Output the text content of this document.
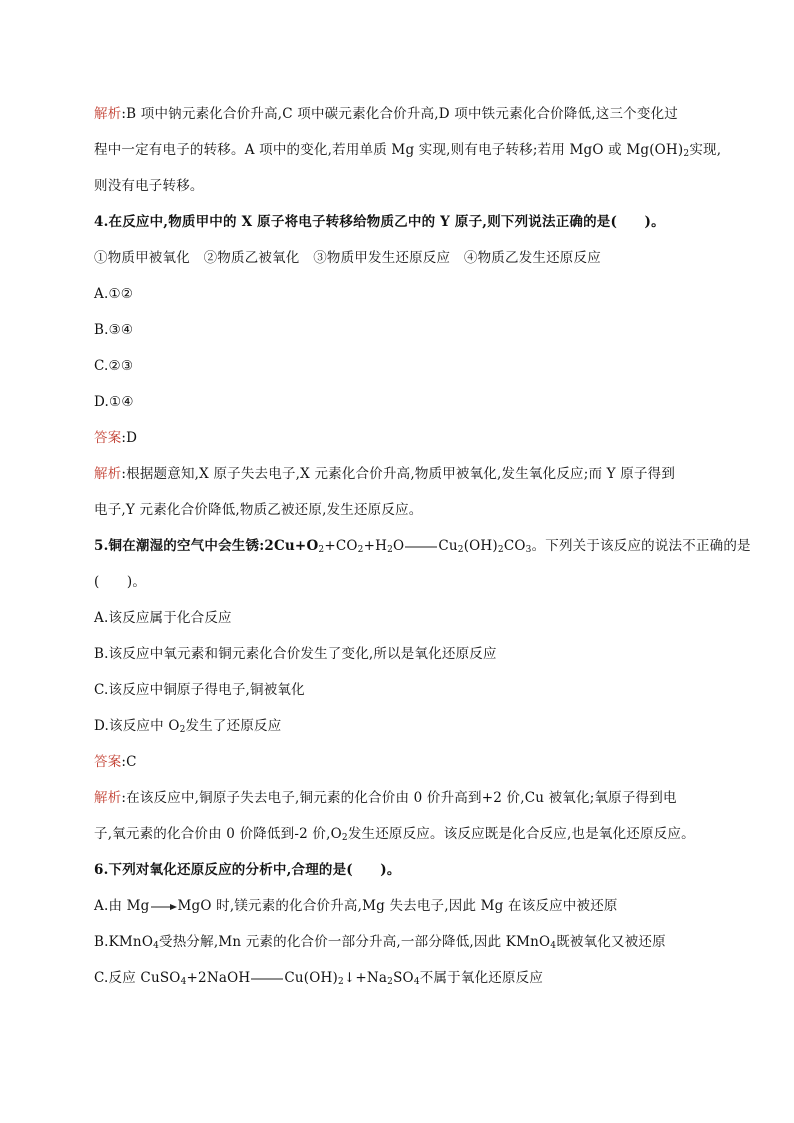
解析:B 项中钠元素化合价升高,C 项中碳元素化合价升高,D 项中铁元素化合价降低,这三个变化过
程中一定有电子的转移。A 项中的变化,若用单质 Mg 实现,则有电子转移;若用 MgO 或 $Mg(OH)_2$实现,
则没有电子转移。
4.在反应中,物质甲中的 X 原子将电子转移给物质乙中的 Y 原子,则下列说法正确的是(　　)。
①物质甲被氧化　②物质乙被氧化　③物质甲发生还原反应　④物质乙发生还原反应
A.①②
B.③④
C.②③
D.①④
答案:D
解析:根据题意知,X 原子失去电子,X 元素化合价升高,物质甲被氧化,发生氧化反应;而 Y 原子得到
电子,Y 元素化合价降低,物质乙被还原,发生还原反应。
5.铜在潮湿的空气中会生锈$:2Cu+O_2+CO_2+H_2O$	$Cu_2(OH)_2CO_3$。下列关于该反应的说法不正确的是
(　　)。
A.该反应属于化合反应
B.该反应中氧元素和铜元素化合价发生了变化,所以是氧化还原反应
C.该反应中铜原子得电子,铜被氧化
D.该反应中 $O_2$发生了还原反应
答案:C
解析:在该反应中,铜原子失去电子,铜元素的化合价由 0 价升高到+2 价,Cu 被氧化;氧原子得到电
子,氧元素的化合价由 0 价降低到-2 价$,O_2$发生还原反应。该反应既是化合反应,也是氧化还原反应。
6.下列对氧化还原反应的分析中,合理的是(　　)。
A.由 Mg MgO 时,镁元素的化合价升高,Mg 失去电子,因此 Mg 在该反应中被还原
B.KMnO$_4$受热分解,Mn 元素的化合价一部分升高,一部分降低,因此 KMnO$_4$既被氧化又被还原
C.反应 CuSO$_4$+2NaOH	$Cu(OH)_2↓+Na_2SO_4$不属于氧化还原反应
